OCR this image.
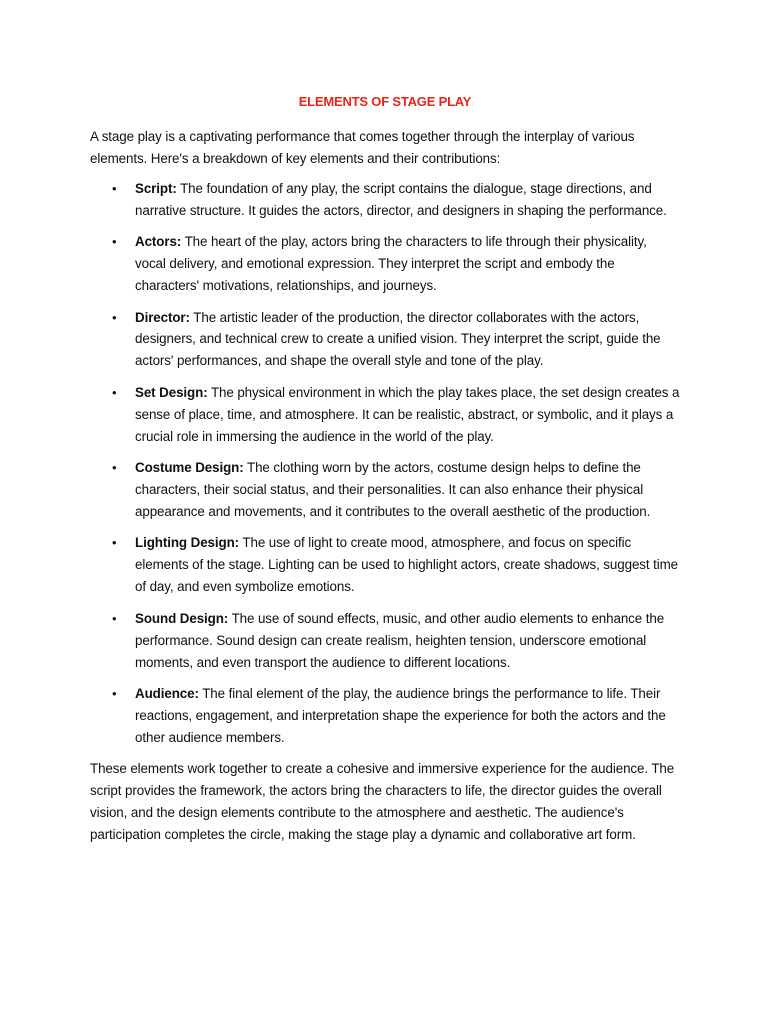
ELEMENTS OF STAGE PLAY

A stage play is a captivating performance that comes together through the interplay of various elements. Here's a breakdown of key elements and their contributions:

• Script: The foundation of any play, the script contains the dialogue, stage directions, and narrative structure. It guides the actors, director, and designers in shaping the performance.
• Actors: The heart of the play, actors bring the characters to life through their physicality, vocal delivery, and emotional expression. They interpret the script and embody the characters' motivations, relationships, and journeys.
• Director: The artistic leader of the production, the director collaborates with the actors, designers, and technical crew to create a unified vision. They interpret the script, guide the actors' performances, and shape the overall style and tone of the play.
• Set Design: The physical environment in which the play takes place, the set design creates a sense of place, time, and atmosphere. It can be realistic, abstract, or symbolic, and it plays a crucial role in immersing the audience in the world of the play.
• Costume Design: The clothing worn by the actors, costume design helps to define the characters, their social status, and their personalities. It can also enhance their physical appearance and movements, and it contributes to the overall aesthetic of the production.
• Lighting Design: The use of light to create mood, atmosphere, and focus on specific elements of the stage. Lighting can be used to highlight actors, create shadows, suggest time of day, and even symbolize emotions.
• Sound Design: The use of sound effects, music, and other audio elements to enhance the performance. Sound design can create realism, heighten tension, underscore emotional moments, and even transport the audience to different locations.
• Audience: The final element of the play, the audience brings the performance to life. Their reactions, engagement, and interpretation shape the experience for both the actors and the other audience members.

These elements work together to create a cohesive and immersive experience for the audience. The script provides the framework, the actors bring the characters to life, the director guides the overall vision, and the design elements contribute to the atmosphere and aesthetic. The audience's participation completes the circle, making the stage play a dynamic and collaborative art form.
